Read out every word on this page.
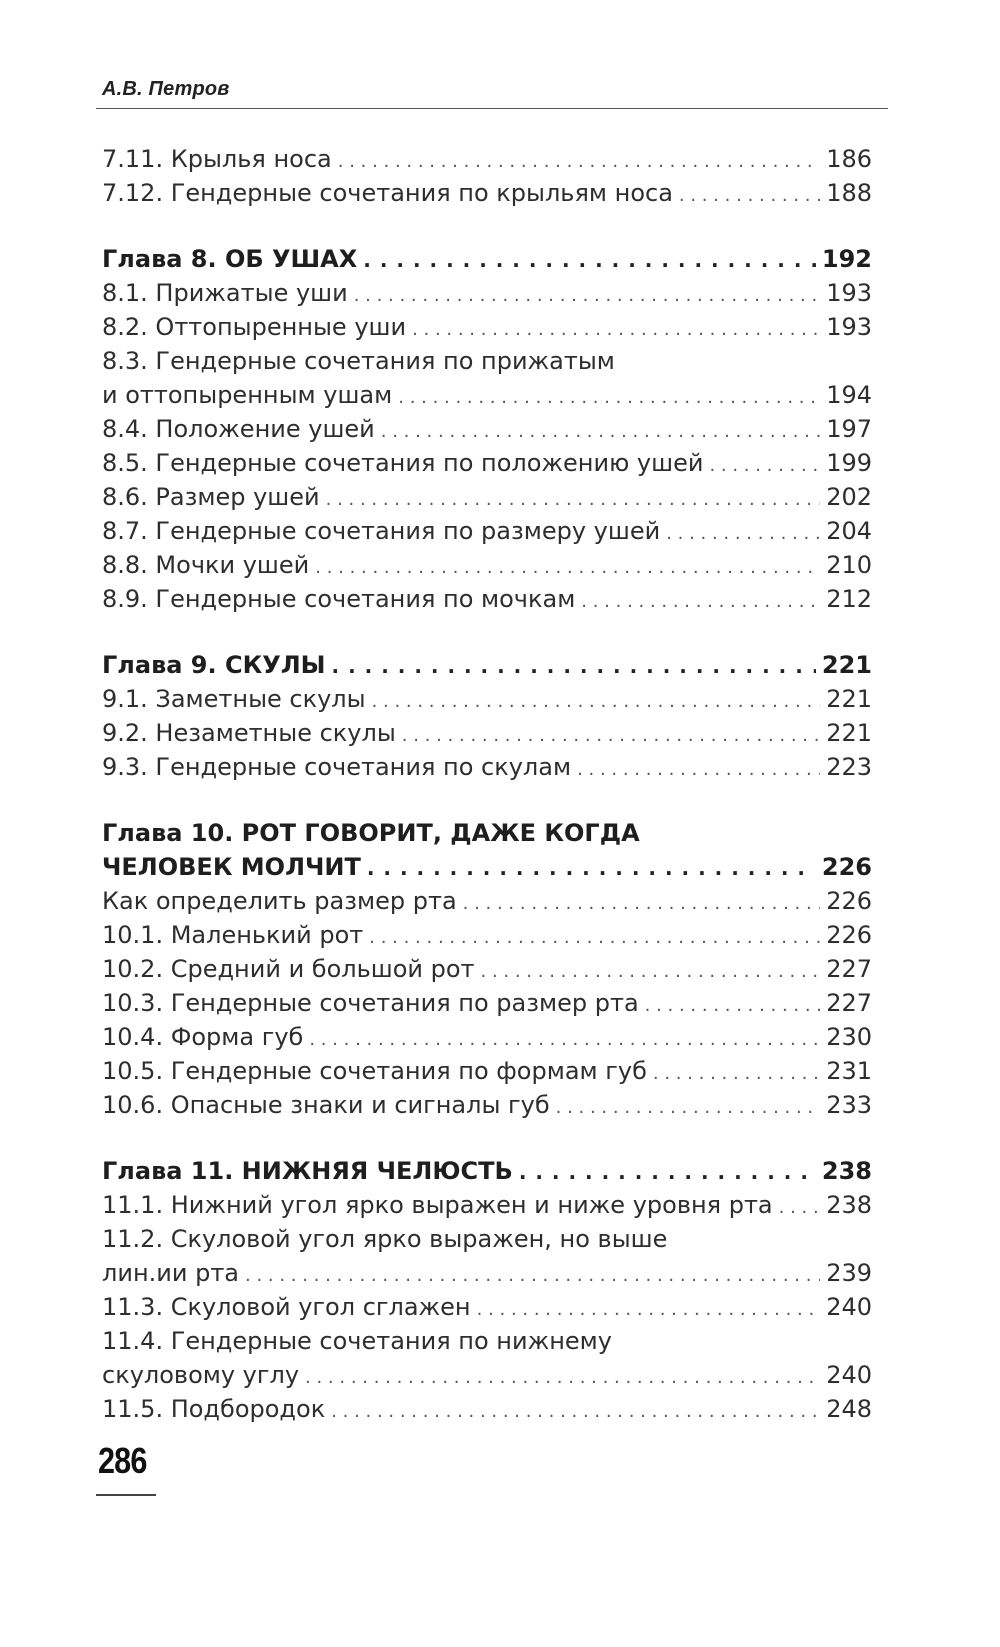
А.В. Петров
7.11. Крылья носа . . .	186
7.12. Гендерные сочетания по крыльям носа . . .	188
Глава 8. ОБ УШАХ . . .	192
8.1. Прижатые уши . . .	193
8.2. Оттопыренные уши . . .	193
8.3. Гендерные сочетания по прижатым
и оттопыренным ушам . . .	194
8.4. Положение ушей . . .	197
8.5. Гендерные сочетания по положению ушей . . .	199
8.6. Размер ушей . . .	202
8.7. Гендерные сочетания по размеру ушей . . .	204
8.8. Мочки ушей . . .	210
8.9. Гендерные сочетания по мочкам . . .	212
Глава 9. СКУЛЫ . . .	221
9.1. Заметные скулы . . .	221
9.2. Незаметные скулы . . .	221
9.3. Гендерные сочетания по скулам . . .	223
Глава 10. РОТ ГОВОРИТ, ДАЖЕ КОГДА
ЧЕЛОВЕК МОЛЧИТ . . .	226
Как определить размер рта . . .	226
10.1. Маленький рот . . .	226
10.2. Средний и большой рот . . .	227
10.3. Гендерные сочетания по размер рта . . .	227
10.4. Форма губ . . .	230
10.5. Гендерные сочетания по формам губ . . .	231
10.6. Опасные знаки и сигналы губ . . .	233
Глава 11. НИЖНЯЯ ЧЕЛЮСТЬ . . .	238
11.1. Нижний угол ярко выражен и ниже уровня рта . . . 238
11.2. Скуловой угол ярко выражен, но выше
лин.ии рта . . .	239
11.3. Скуловой угол сглажен . . .	240
11.4. Гендерные сочетания по нижнему
скуловому углу . . .	240
11.5. Подбородок . . .	248
286
